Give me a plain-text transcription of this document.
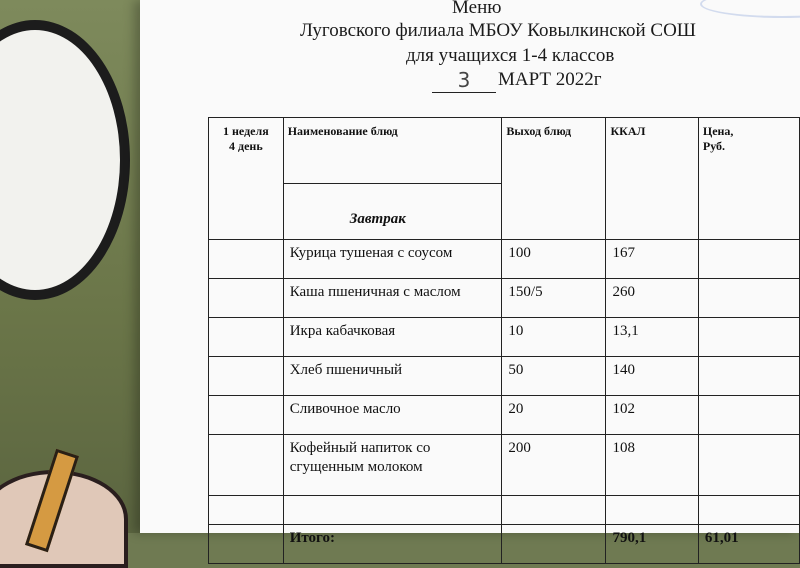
Меню
Луговского филиала МБОУ Ковылкинской СОШ
для учащихся 1-4 классов
3 МАРТ 2022г
1 неделя
4 день	Наименование блюд	Выход блюд	ККАЛ	Цена,
Руб.
	Завтрак			
	Курица тушеная с соусом	100	167	
	Каша пшеничная с маслом	150/5	260	
	Икра кабачковая	10	13,1	
	Хлеб пшеничный	50	140	
	Сливочное масло	20	102	
	Кофейный напиток со сгущенным молоком	200	108	

	Итого:		790,1	61,01
